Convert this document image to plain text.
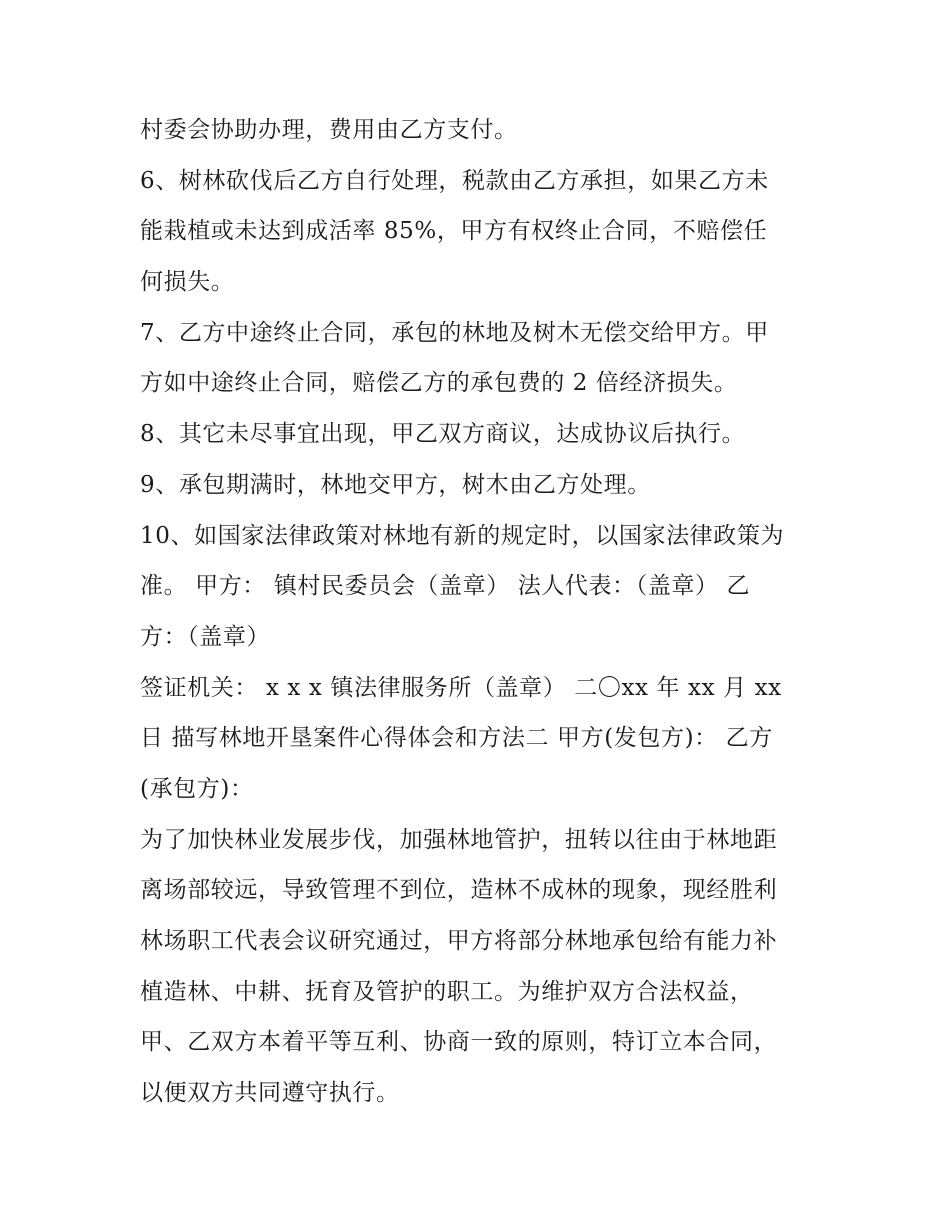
村委会协助办理，费用由乙方支付。
6、树林砍伐后乙方自行处理，税款由乙方承担，如果乙方未
能栽植或未达到成活率 85%，甲方有权终止合同，不赔偿任
何损失。
7、乙方中途终止合同，承包的林地及树木无偿交给甲方。甲
方如中途终止合同，赔偿乙方的承包费的 2 倍经济损失。
8、其它未尽事宜出现，甲乙双方商议，达成协议后执行。
9、承包期满时，林地交甲方，树木由乙方处理。
10、如国家法律政策对林地有新的规定时，以国家法律政策为
准。 甲方： 镇村民委员会（盖章） 法人代表：（盖章） 乙
方：（盖章）
签证机关： x x x 镇法律服务所（盖章） 二〇xx 年 xx 月 xx
日 描写林地开垦案件心得体会和方法二 甲方(发包方)： 乙方
(承包方)：
为了加快林业发展步伐，加强林地管护，扭转以往由于林地距
离场部较远，导致管理不到位，造林不成林的现象，现经胜利
林场职工代表会议研究通过，甲方将部分林地承包给有能力补
植造林、中耕、抚育及管护的职工。为维护双方合法权益，
甲、乙双方本着平等互利、协商一致的原则，特订立本合同，
以便双方共同遵守执行。
